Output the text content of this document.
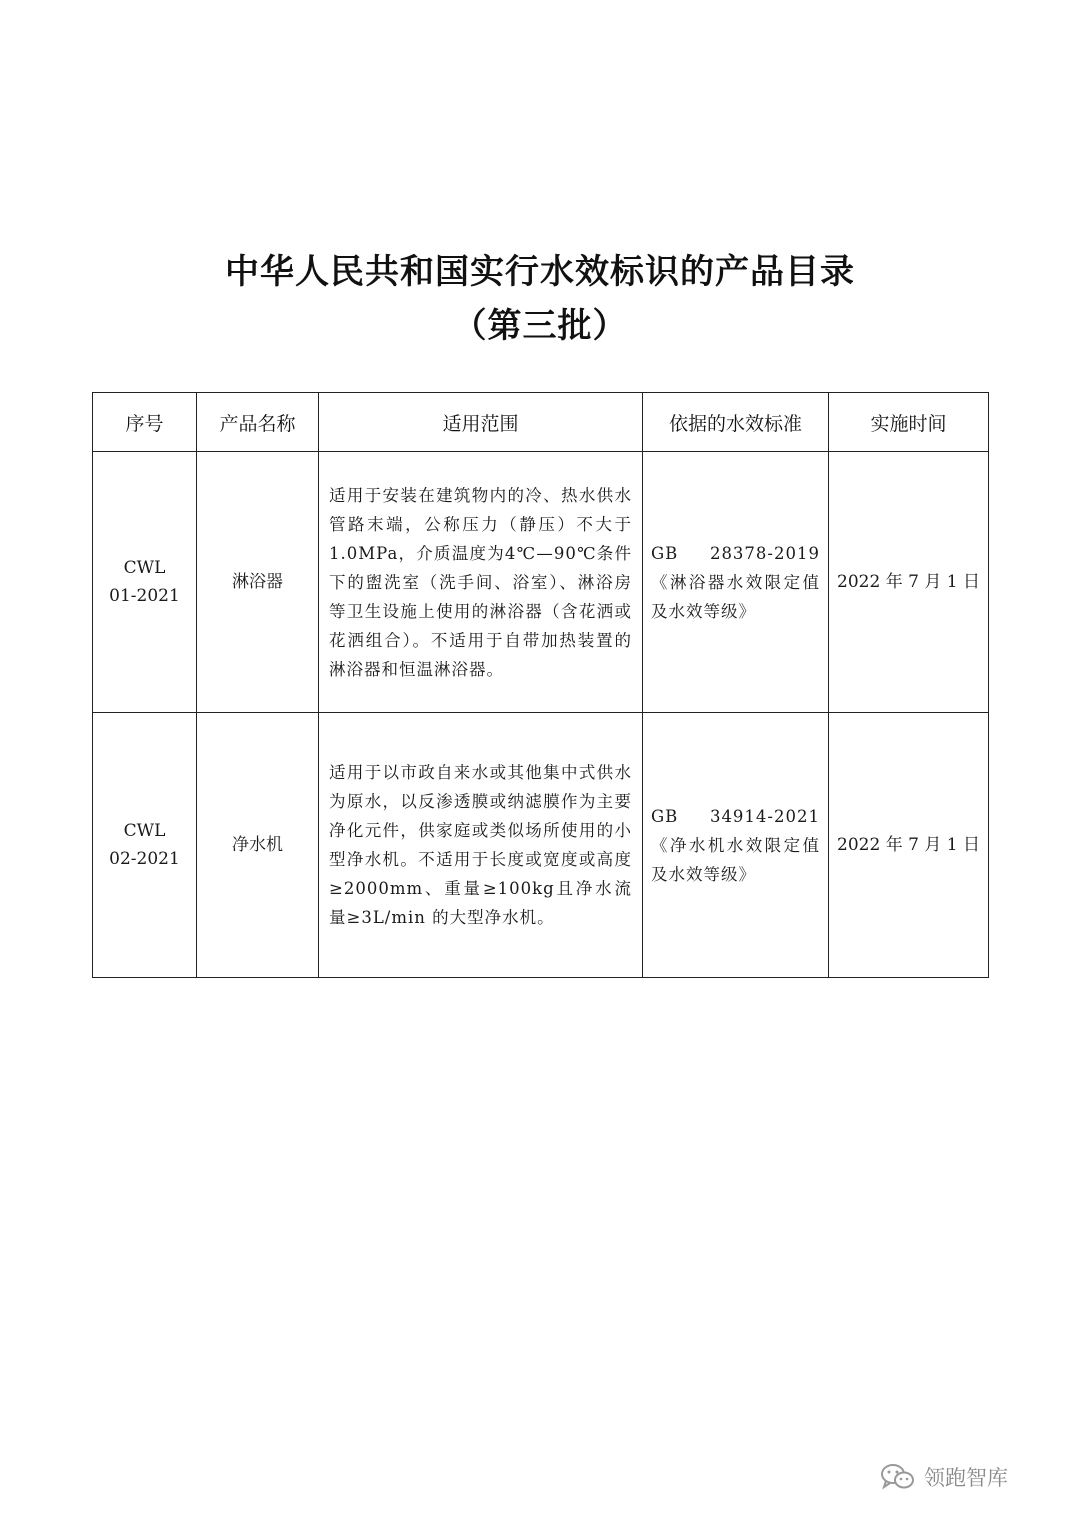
中华人民共和国实行水效标识的产品目录
（第三批）
序号	产品名称	适用范围	依据的水效标准	实施时间

CWL
01-2021	淋浴器	适用于安装在建筑物内的冷、热水供水管路末端，公称压力（静压）不大于1.0MPa，介质温度为4℃—90℃条件下的盥洗室（洗手间、浴室）、淋浴房等卫生设施上使用的淋浴器（含花洒或花洒组合）。不适用于自带加热装置的淋浴器和恒温淋浴器。	GB 28378-2019《淋浴器水效限定值及水效等级》	2022 年 7 月 1 日

CWL
02-2021	净水机	适用于以市政自来水或其他集中式供水为原水，以反渗透膜或纳滤膜作为主要净化元件，供家庭或类似场所使用的小型净水机。不适用于长度或宽度或高度≥2000mm、重量≥100kg且净水流量≥3L/min 的大型净水机。	GB 34914-2021《净水机水效限定值及水效等级》	2022 年 7 月 1 日
领跑智库
